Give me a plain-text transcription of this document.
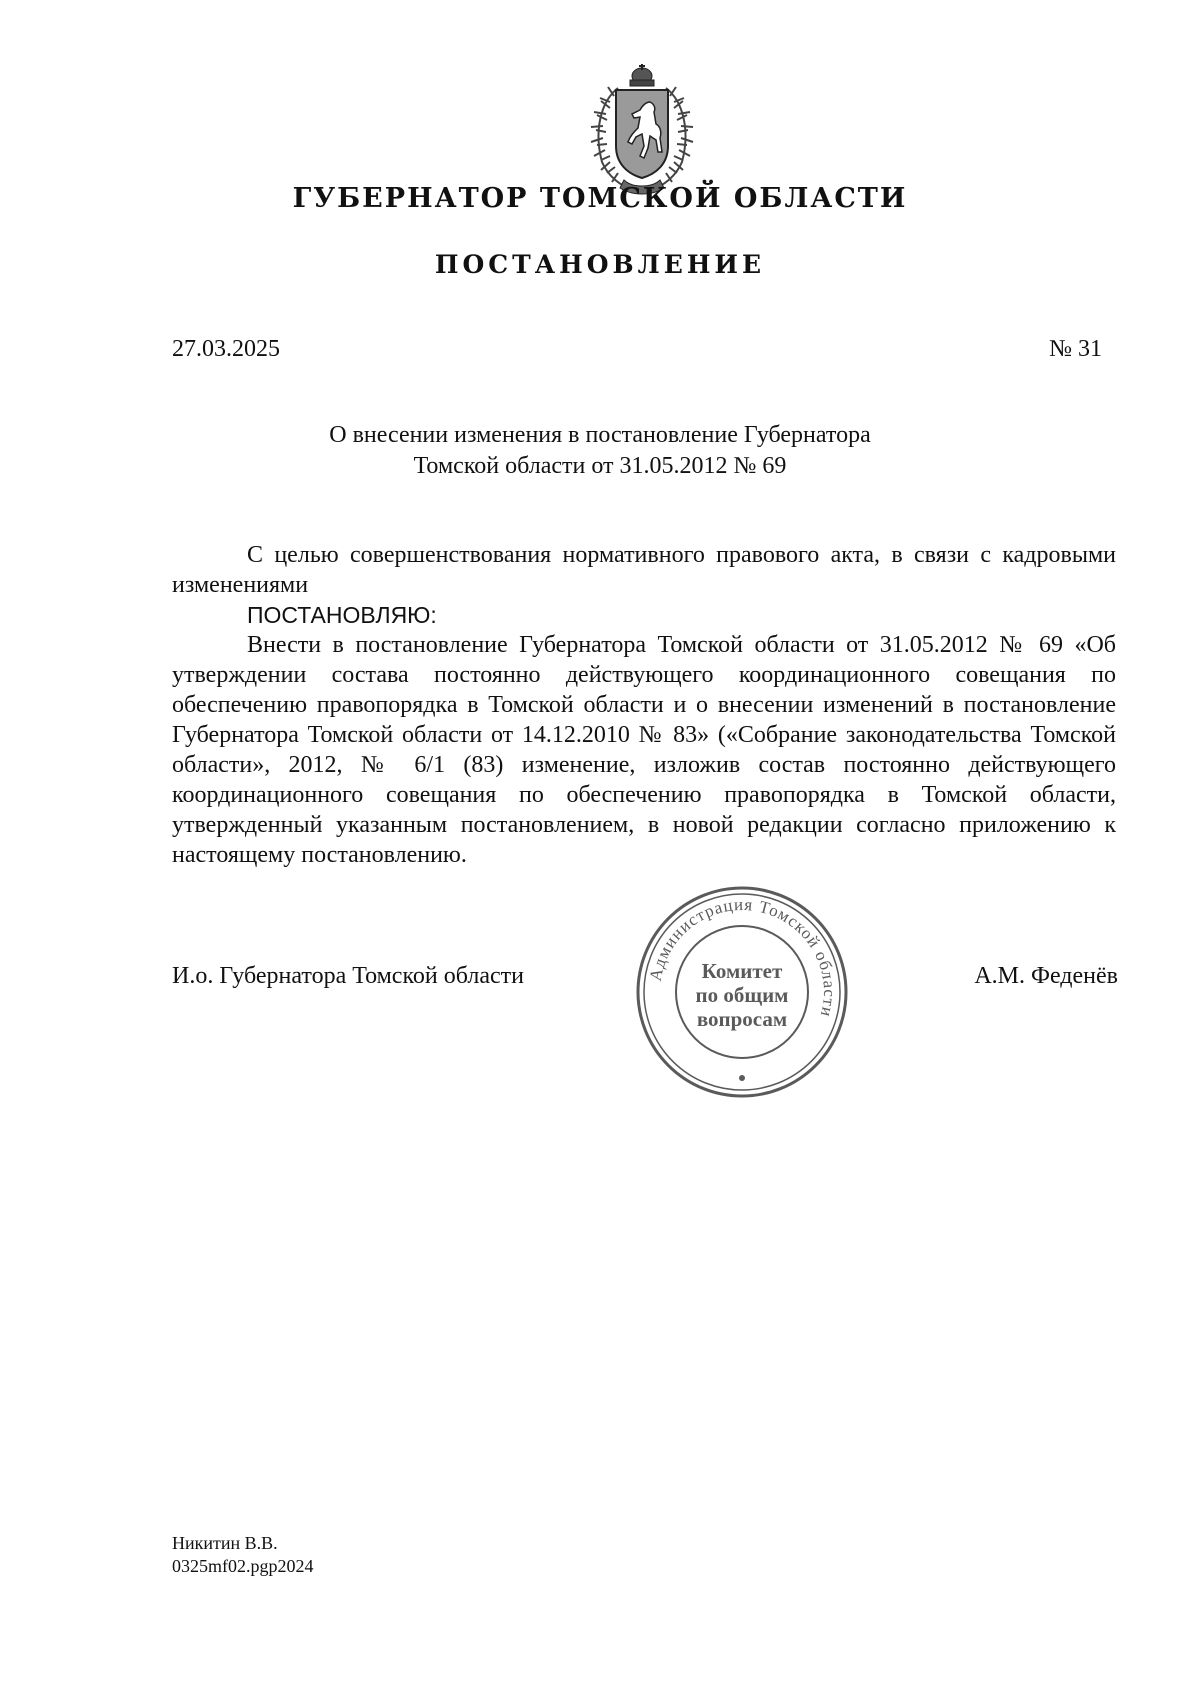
ГУБЕРНАТОР ТОМСКОЙ ОБЛАСТИ
ПОСТАНОВЛЕНИЕ
27.03.2025	№ 31
О внесении изменения в постановление Губернатора
Томской области от 31.05.2012 № 69

С целью совершенствования нормативного правового акта, в связи с кадровыми изменениями

ПОСТАНОВЛЯЮ:

Внести в постановление Губернатора Томской области от 31.05.2012 № 69 «Об утверждении состава постоянно действующего координационного совещания по обеспечению правопорядка в Томской области и о внесении изменений в постановление Губернатора Томской области от 14.12.2010 № 83» («Собрание законодательства Томской области», 2012, № 6/1 (83) изменение, изложив состав постоянно действующего координационного совещания по обеспечению правопорядка в Томской области, утвержденный указанным постановлением, в новой редакции согласно приложению к настоящему постановлению.

И.о. Губернатора Томской области	А.М. Феденёв
Администрация Томской области
Комитет
по общим
вопросам
Никитин В.В.
0325mf02.pgp2024
